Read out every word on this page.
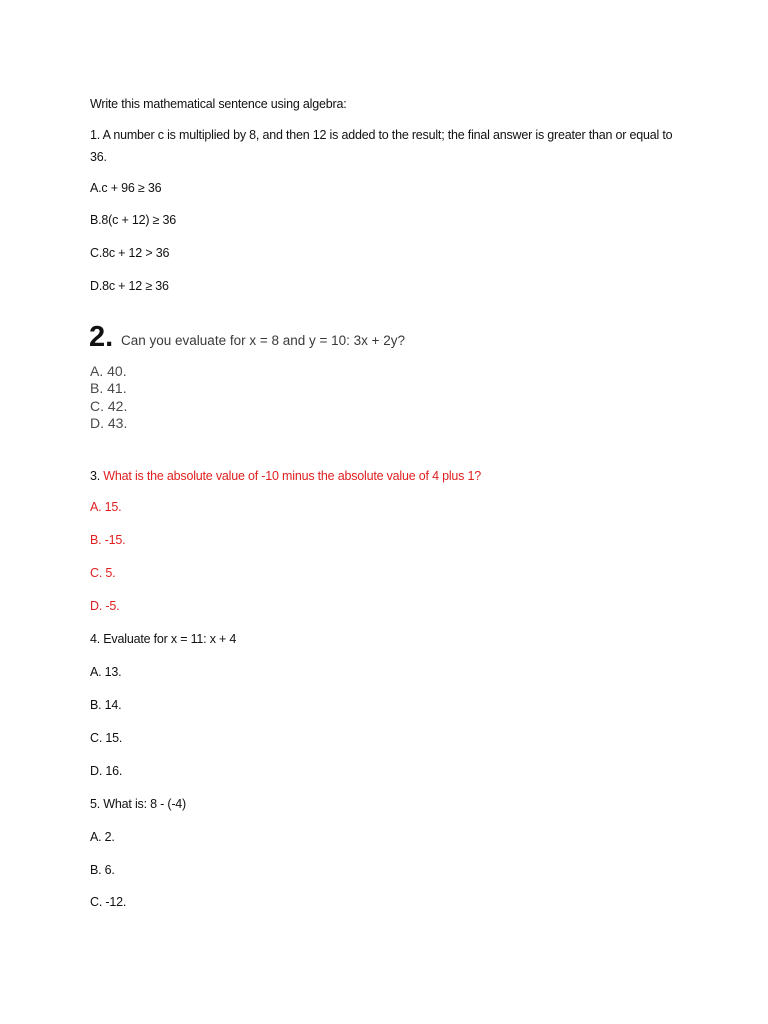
Write this mathematical sentence using algebra:
1. A number c is multiplied by 8, and then 12 is added to the result; the final answer is greater than or equal to 36.
A.c + 96 ≥ 36
B.8(c + 12) ≥ 36
C.8c + 12 > 36
D.8c + 12 ≥ 36
2. Can you evaluate for x = 8 and y = 10: 3x + 2y?
A. 40.
B. 41.
C. 42.
D. 43.
3. What is the absolute value of -10 minus the absolute value of 4 plus 1?
A. 15.
B. -15.
C. 5.
D. -5.
4. Evaluate for x = 11: x + 4
A. 13.
B. 14.
C. 15.
D. 16.
5. What is: 8 - (-4)
A. 2.
B. 6.
C. -12.
